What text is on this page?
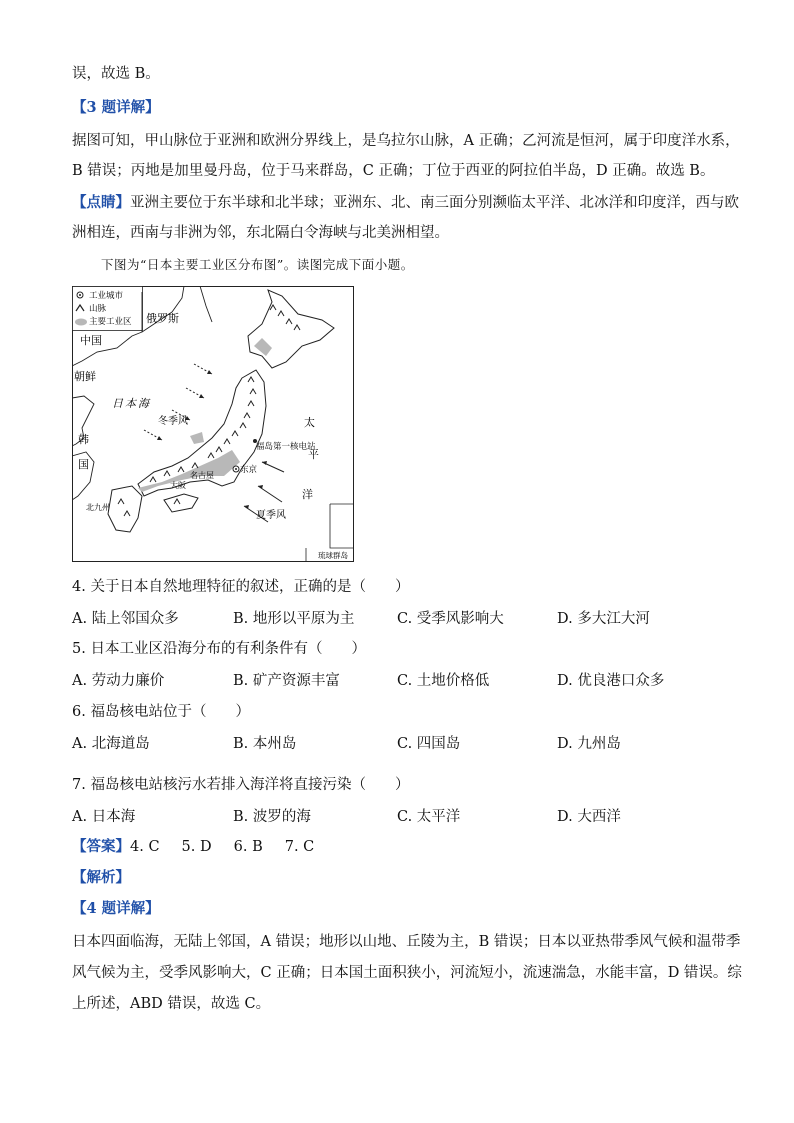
误，故选 B。
【3 题详解】
据图可知，甲山脉位于亚洲和欧洲分界线上，是乌拉尔山脉，A 正确；乙河流是恒河，属于印度洋水系，
B 错误；丙地是加里曼丹岛，位于马来群岛，C 正确；丁位于西亚的阿拉伯半岛，D 正确。故选 B。
【点睛】亚洲主要位于东半球和北半球；亚洲东、北、南三面分别濒临太平洋、北冰洋和印度洋，西与欧
洲相连，西南与非洲为邻，东北隔白令海峡与北美洲相望。
下图为“日本主要工业区分布图”。读图完成下面小题。
工业城市
山脉
主要工业区 俄罗斯
中国
朝鲜
日本海
冬季风
韩
国
福岛第一核电站
东京
名古屋
大阪
北九州
太
平
洋
夏季风
琉球群岛
4. 关于日本自然地理特征的叙述，正确的是（　　）
A. 陆上邻国众多	B. 地形以平原为主	C. 受季风影响大	D. 多大江大河
5. 日本工业区沿海分布的有利条件有（　　）
A. 劳动力廉价	B. 矿产资源丰富	C. 土地价格低	D. 优良港口众多
6. 福岛核电站位于（　　）
A. 北海道岛	B. 本州岛	C. 四国岛	D. 九州岛
7. 福岛核电站核污水若排入海洋将直接污染（　　）
A. 日本海	B. 波罗的海	C. 太平洋	D. 大西洋
【答案】4. C 5. D 6. B 7. C
【解析】
【4 题详解】
日本四面临海，无陆上邻国，A 错误；地形以山地、丘陵为主，B 错误；日本以亚热带季风气候和温带季
风气候为主，受季风影响大，C 正确；日本国土面积狭小，河流短小，流速湍急，水能丰富，D 错误。综
上所述，ABD 错误，故选 C。
